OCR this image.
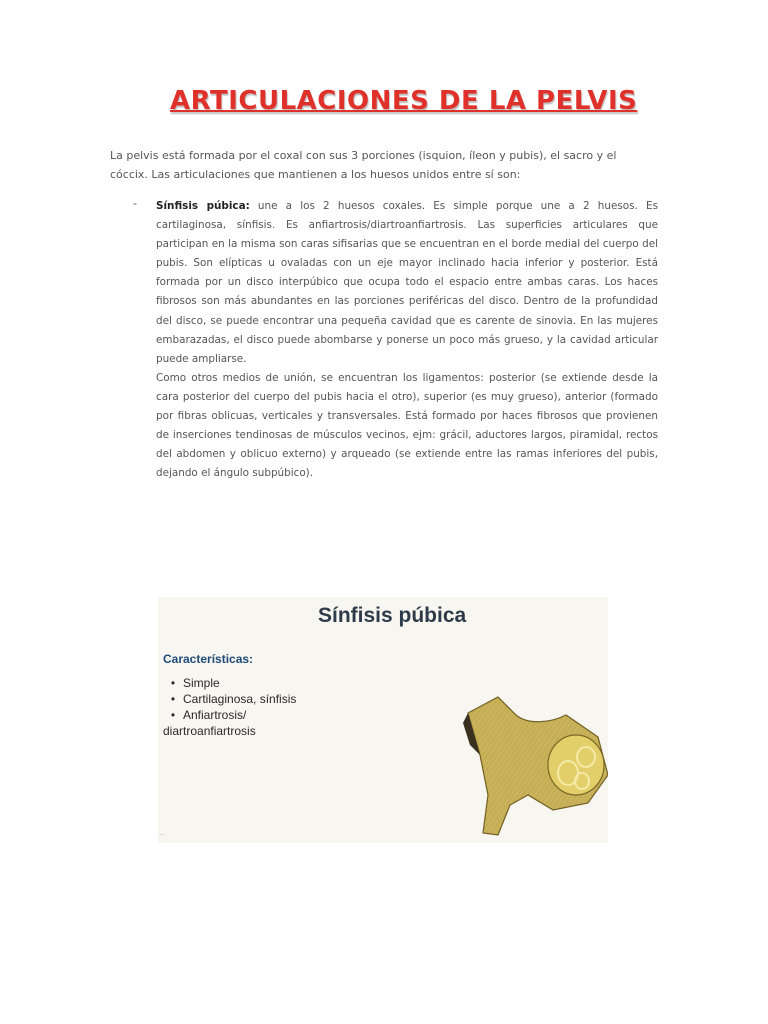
ARTICULACIONES DE LA PELVIS
La pelvis está formada por el coxal con sus 3 porciones (isquion, íleon y pubis), el sacro y el cóccix. Las articulaciones que mantienen a los huesos unidos entre sí son:
- Sínfisis púbica: une a los 2 huesos coxales. Es simple porque une a 2 huesos. Es cartilaginosa, sínfisis. Es anfiartrosis/diartroanfiartrosis. Las superficies articulares que participan en la misma son caras sifisarias que se encuentran en el borde medial del cuerpo del pubis. Son elípticas u ovaladas con un eje mayor inclinado hacia inferior y posterior. Está formada por un disco interpúbico que ocupa todo el espacio entre ambas caras. Los haces fibrosos son más abundantes en las porciones periféricas del disco. Dentro de la profundidad del disco, se puede encontrar una pequeña cavidad que es carente de sinovia. En las mujeres embarazadas, el disco puede abombarse y ponerse un poco más grueso, y la cavidad articular puede ampliarse.

Como otros medios de unión, se encuentran los ligamentos: posterior (se extiende desde la cara posterior del cuerpo del pubis hacia el otro), superior (es muy grueso), anterior (formado por fibras oblicuas, verticales y transversales. Está formado por haces fibrosos que provienen de inserciones tendinosas de músculos vecinos, ejm: grácil, aductores largos, piramidal, rectos del abdomen y oblicuo externo) y arqueado (se extiende entre las ramas inferiores del pubis, dejando el ángulo subpúbico).

Sínfisis púbica
Características:
• Simple
• Cartilaginosa, sínfisis
• Anfiartrosis/
diartroanfiartrosis
··
